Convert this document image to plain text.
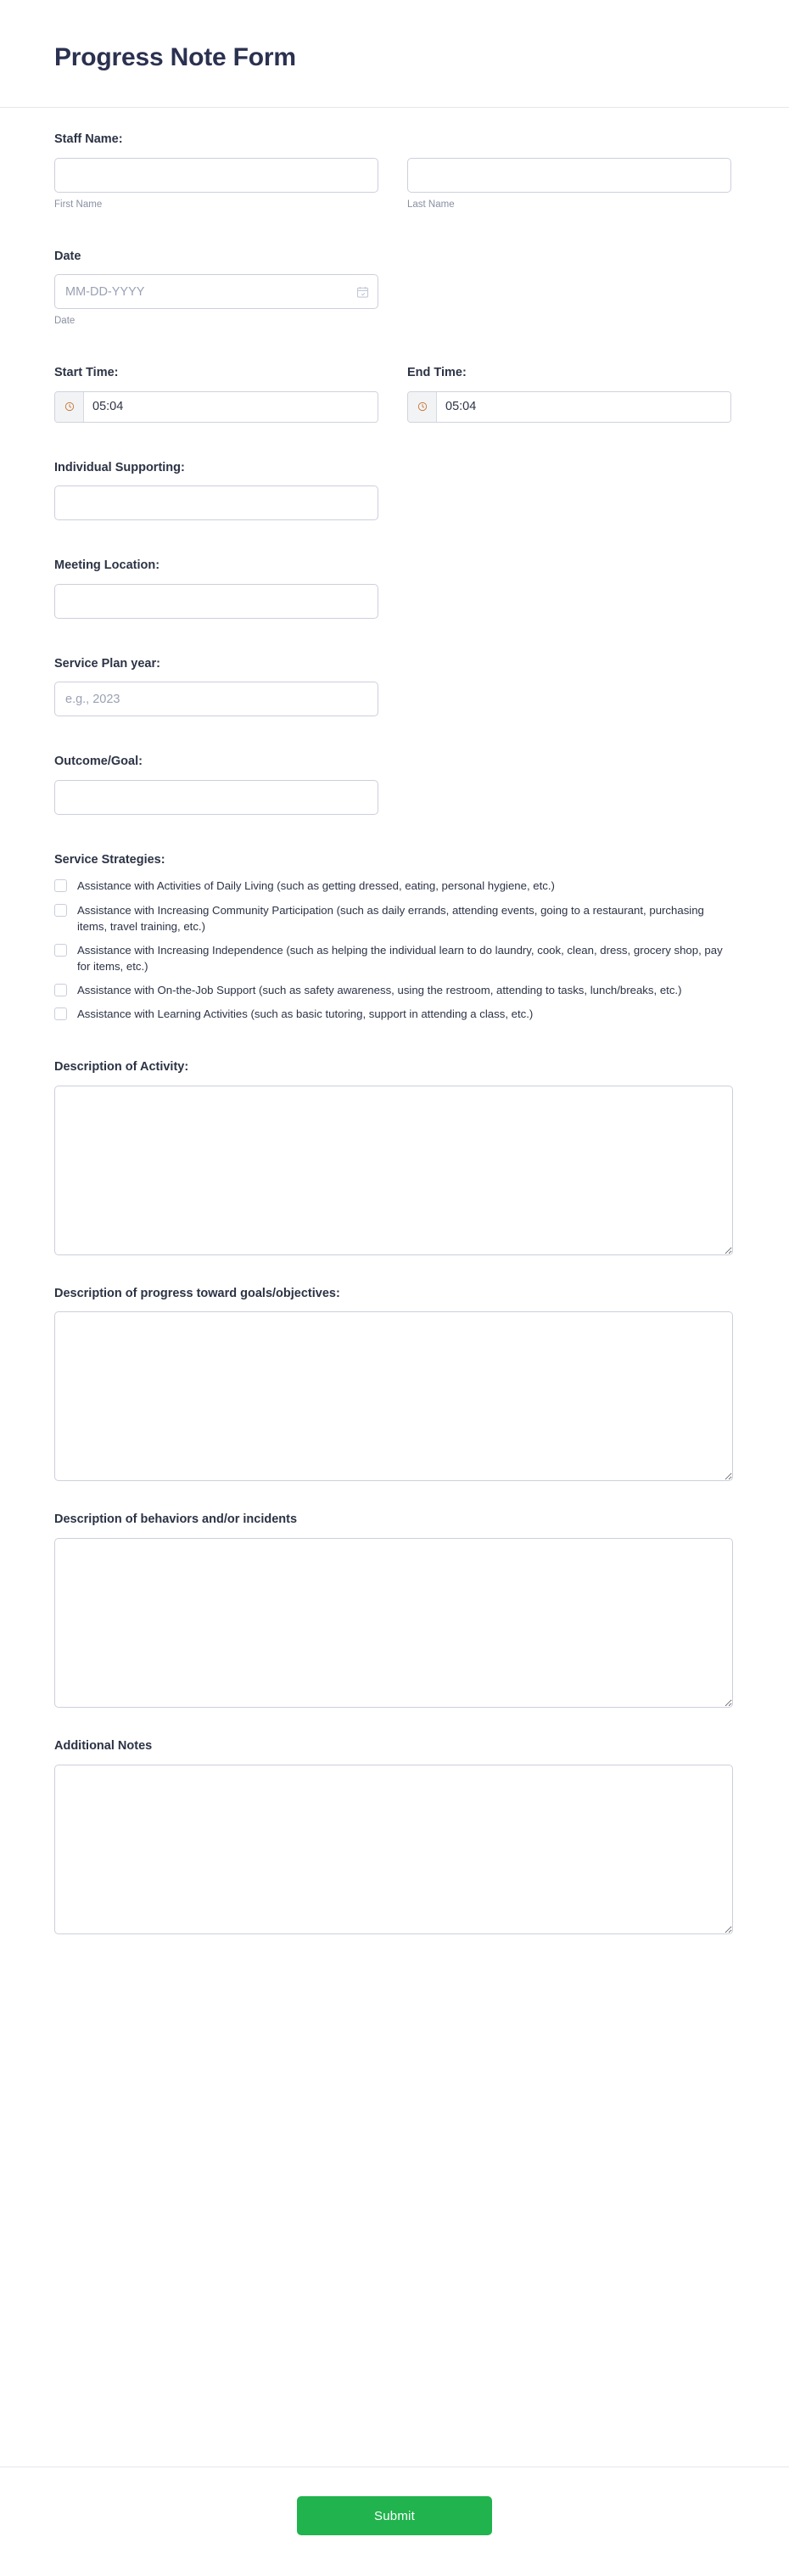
Progress Note Form
Staff Name:
First Name	Last Name
Date
MM-DD-YYYY
Date
Start Time:
05:04	End Time:
05:04
Individual Supporting:
Meeting Location:
Service Plan year:
e.g., 2023
Outcome/Goal:
Service Strategies:
Assistance with Activities of Daily Living (such as getting dressed, eating, personal hygiene, etc.)
Assistance with Increasing Community Participation (such as daily errands, attending events, going to a restaurant, purchasing items, travel training, etc.)
Assistance with Increasing Independence (such as helping the individual learn to do laundry, cook, clean, dress, grocery shop, pay for items, etc.)
Assistance with On-the-Job Support (such as safety awareness, using the restroom, attending to tasks, lunch/breaks, etc.)
Assistance with Learning Activities (such as basic tutoring, support in attending a class, etc.)
Description of Activity:
Description of progress toward goals/objectives:
Description of behaviors and/or incidents
Additional Notes
Submit
